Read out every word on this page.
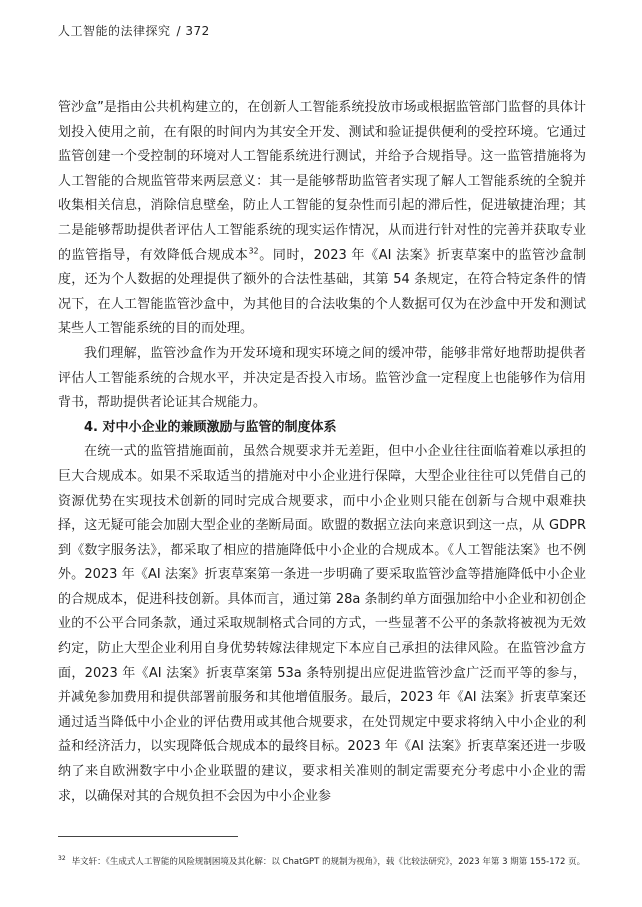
人工智能的法律探究 / 372

管沙盒”是指由公共机构建立的，在创新人工智能系统投放市场或根据监管部门监督的具体计划投入使用之前，在有限的时间内为其安全开发、测试和验证提供便利的受控环境。它通过监管创建一个受控制的环境对人工智能系统进行测试，并给予合规指导。这一监管措施将为人工智能的合规监管带来两层意义：其一是能够帮助监管者实现了解人工智能系统的全貌并收集相关信息，消除信息壁垒，防止人工智能的复杂性而引起的滞后性，促进敏捷治理；其二是能够帮助提供者评估人工智能系统的现实运作情况，从而进行针对性的完善并获取专业的监管指导，有效降低合规成本$^{32}$。同时，2023 年《AI 法案》折衷草案中的监管沙盒制度，还为个人数据的处理提供了额外的合法性基础，其第 54 条规定，在符合特定条件的情况下，在人工智能监管沙盒中，为其他目的合法收集的个人数据可仅为在沙盒中开发和测试某些人工智能系统的目的而处理。

我们理解，监管沙盒作为开发环境和现实环境之间的缓冲带，能够非常好地帮助提供者评估人工智能系统的合规水平，并决定是否投入市场。监管沙盒一定程度上也能够作为信用背书，帮助提供者论证其合规能力。

4. 对中小企业的兼顾激励与监管的制度体系

在统一式的监管措施面前，虽然合规要求并无差距，但中小企业往往面临着难以承担的巨大合规成本。如果不采取适当的措施对中小企业进行保障，大型企业往往可以凭借自己的资源优势在实现技术创新的同时完成合规要求，而中小企业则只能在创新与合规中艰难抉择，这无疑可能会加剧大型企业的垄断局面。欧盟的数据立法向来意识到这一点，从 GDPR 到《数字服务法》，都采取了相应的措施降低中小企业的合规成本。《人工智能法案》也不例外。2023 年《AI 法案》折衷草案第一条进一步明确了要采取监管沙盒等措施降低中小企业的合规成本，促进科技创新。具体而言，通过第 28a 条制约单方面强加给中小企业和初创企业的不公平合同条款，通过采取规制格式合同的方式，一些显著不公平的条款将被视为无效约定，防止大型企业利用自身优势转嫁法律规定下本应自己承担的法律风险。在监管沙盒方面，2023 年《AI 法案》折衷草案第 53a 条特别提出应促进监管沙盒广泛而平等的参与，并减免参加费用和提供部署前服务和其他增值服务。最后，2023 年《AI 法案》折衷草案还通过适当降低中小企业的评估费用或其他合规要求，在处罚规定中要求将纳入中小企业的利益和经济活力，以实现降低合规成本的最终目标。2023 年《AI 法案》折衷草案还进一步吸纳了来自欧洲数字中小企业联盟的建议，要求相关准则的制定需要充分考虑中小企业的需求，以确保对其的合规负担不会因为中小企业参

$^{32}$ 毕文轩：《生成式人工智能的风险规制困境及其化解：以 ChatGPT 的规制为视角》，载《比较法研究》，2023 年第 3 期第 155-172 页。
